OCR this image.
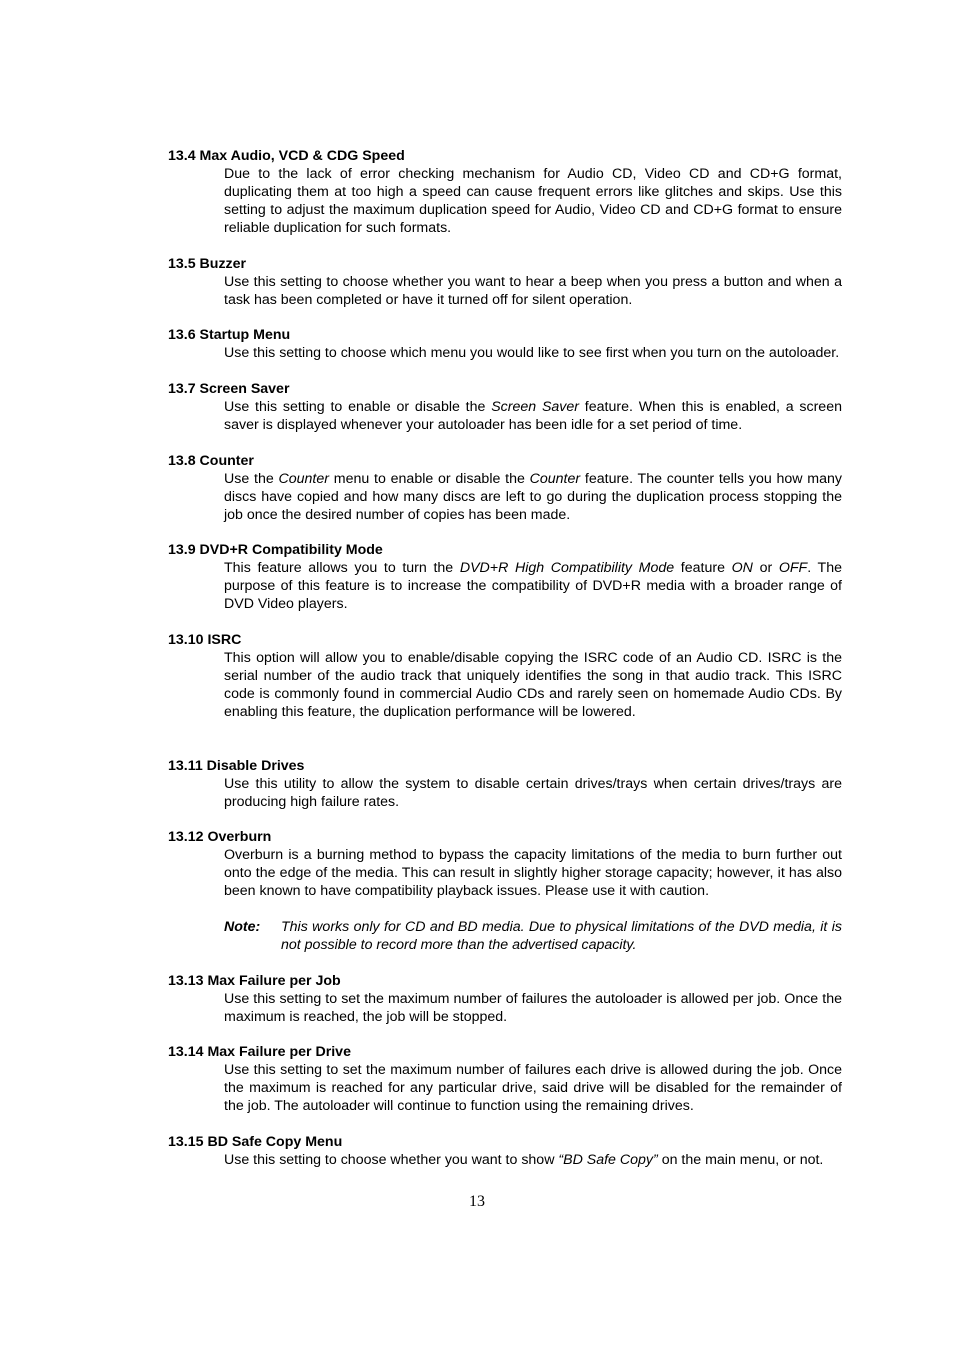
13.4 Max Audio, VCD & CDG Speed

Due to the lack of error checking mechanism for Audio CD, Video CD and CD+G format, duplicating them at too high a speed can cause frequent errors like glitches and skips. Use this setting to adjust the maximum duplication speed for Audio, Video CD and CD+G format to ensure reliable duplication for such formats.

13.5 Buzzer

Use this setting to choose whether you want to hear a beep when you press a button and when a task has been completed or have it turned off for silent operation.

13.6 Startup Menu

Use this setting to choose which menu you would like to see first when you turn on the autoloader.

13.7 Screen Saver

Use this setting to enable or disable the Screen Saver feature. When this is enabled, a screen saver is displayed whenever your autoloader has been idle for a set period of time.

13.8 Counter

Use the Counter menu to enable or disable the Counter feature. The counter tells you how many discs have copied and how many discs are left to go during the duplication process stopping the job once the desired number of copies has been made.

13.9 DVD+R Compatibility Mode

This feature allows you to turn the DVD+R High Compatibility Mode feature ON or OFF. The purpose of this feature is to increase the compatibility of DVD+R media with a broader range of DVD Video players.

13.10 ISRC

This option will allow you to enable/disable copying the ISRC code of an Audio CD. ISRC is the serial number of the audio track that uniquely identifies the song in that audio track. This ISRC code is commonly found in commercial Audio CDs and rarely seen on homemade Audio CDs. By enabling this feature, the duplication performance will be lowered.

13.11 Disable Drives

Use this utility to allow the system to disable certain drives/trays when certain drives/trays are producing high failure rates.

13.12 Overburn

Overburn is a burning method to bypass the capacity limitations of the media to burn further out onto the edge of the media. This can result in slightly higher storage capacity; however, it has also been known to have compatibility playback issues. Please use it with caution.

Note:	This works only for CD and BD media. Due to physical limitations of the DVD media, it is not possible to record more than the advertised capacity.

13.13 Max Failure per Job

Use this setting to set the maximum number of failures the autoloader is allowed per job. Once the maximum is reached, the job will be stopped.

13.14 Max Failure per Drive

Use this setting to set the maximum number of failures each drive is allowed during the job. Once the maximum is reached for any particular drive, said drive will be disabled for the remainder of the job. The autoloader will continue to function using the remaining drives.

13.15 BD Safe Copy Menu

Use this setting to choose whether you want to show “BD Safe Copy” on the main menu, or not.

13
